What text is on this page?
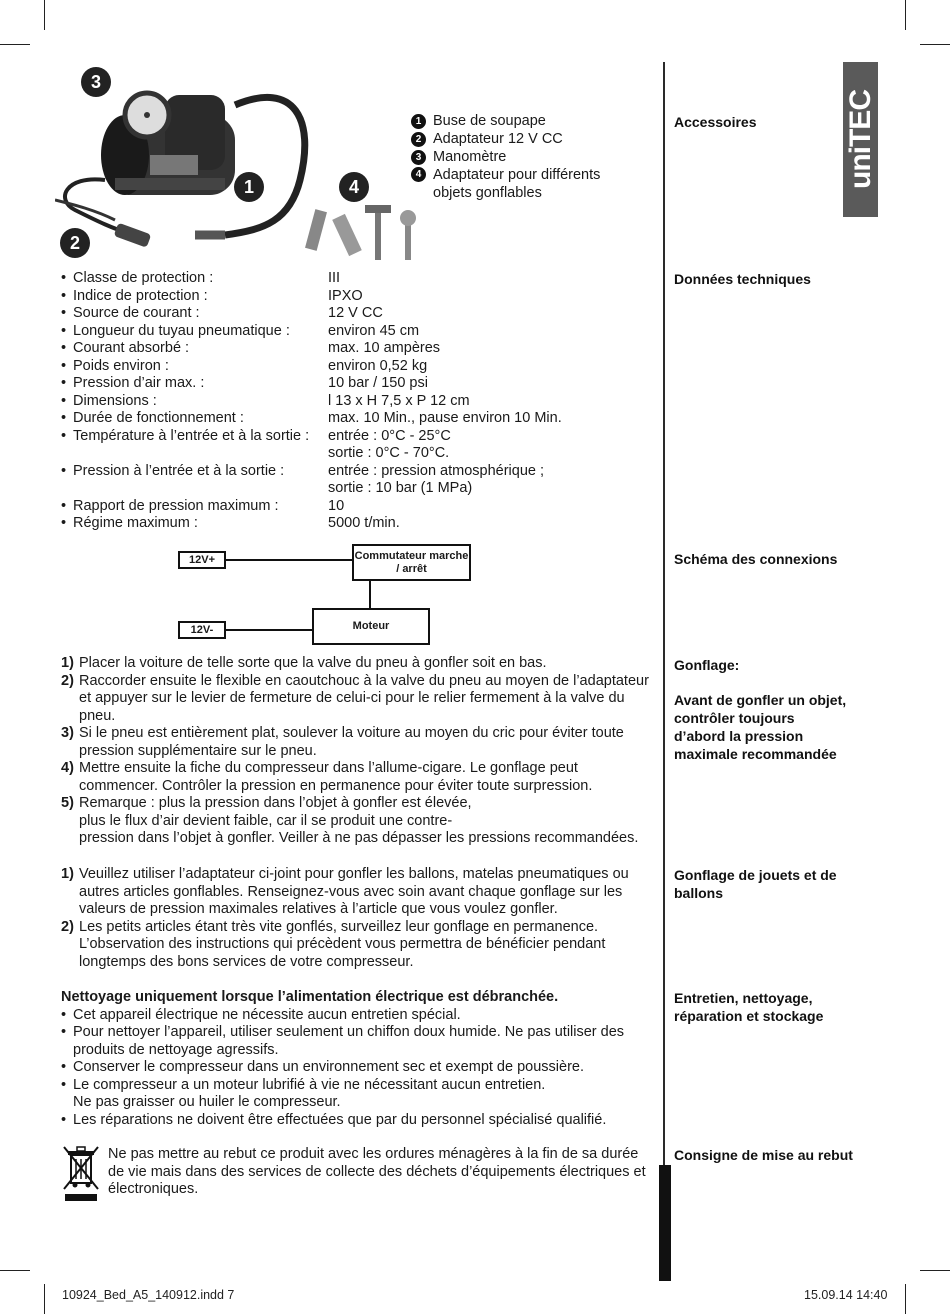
uniTEC
3
1	4
2
1 Buse de soupape
2 Adaptateur 12 V CC
3 Manomètre
4 Adaptateur pour différents objets gonflables
Accessoires
Données techniques
Schéma des connexions
Gonflage:
Avant de gonfler un objet, contrôler toujours d’abord la pression maximale recommandée
Gonflage de jouets et de ballons
Entretien, nettoyage, réparation et stockage
Consigne de mise au rebut
• Classe de protection :	III
• Indice de protection :	IPXO
• Source de courant :	12 V CC
• Longueur du tuyau pneumatique :	environ 45 cm
• Courant absorbé :	max. 10 ampères
• Poids environ :	environ 0,52 kg
• Pression d’air max. :	10 bar / 150 psi
• Dimensions :	l 13 x H 7,5 x P 12 cm
• Durée de fonctionnement :	max. 10 Min., pause environ 10 Min.
• Température à l’entrée et à la sortie :	entrée : 0°C - 25°C
sortie : 0°C - 70°C.
• Pression à l’entrée et à la sortie :	entrée : pression atmosphérique ;
sortie : 10 bar (1 MPa)
• Rapport de pression maximum :	10
• Régime maximum :	5000 t/min.
12V+
12V-
Commutateur marche / arrêt
Moteur
1) Placer la voiture de telle sorte que la valve du pneu à gonfler soit en bas.
2) Raccorder ensuite le flexible en caoutchouc à la valve du pneu au moyen de l’adaptateur et appuyer sur le levier de fermeture de celui-ci pour le relier fermement à la valve du pneu.
3) Si le pneu est entièrement plat, soulever la voiture au moyen du cric pour éviter toute pression supplémentaire sur le pneu.
4) Mettre ensuite la fiche du compresseur dans l’allume-cigare. Le gonflage peut commencer. Contrôler la pression en permanence pour éviter toute surpression.
5) Remarque : plus la pression dans l’objet à gonfler est élevée,
plus le flux d’air devient faible, car il se produit une contre-
pression dans l’objet à gonfler. Veiller à ne pas dépasser les pressions recommandées.
1) Veuillez utiliser l’adaptateur ci-joint pour gonfler les ballons, matelas pneumatiques ou autres articles gonflables. Renseignez-vous avec soin avant chaque gonflage sur les valeurs de pression maximales relatives à l’article que vous voulez gonfler.
2) Les petits articles étant très vite gonflés, surveillez leur gonflage en permanence. L’observation des instructions qui précèdent vous permettra de bénéficier pendant longtemps des bons services de votre compresseur.
Nettoyage uniquement lorsque l’alimentation électrique est débranchée.
• Cet appareil électrique ne nécessite aucun entretien spécial.
• Pour nettoyer l’appareil, utiliser seulement un chiffon doux humide. Ne pas utiliser des produits de nettoyage agressifs.
• Conserver le compresseur dans un environnement sec et exempt de poussière.
• Le compresseur a un moteur lubrifié à vie ne nécessitant aucun entretien.
Ne pas graisser ou huiler le compresseur.
• Les réparations ne doivent être effectuées que par du personnel spécialisé qualifié.
Ne pas mettre au rebut ce produit avec les ordures ménagères à la fin de sa durée de vie mais dans des services de collecte des déchets d’équipements électriques et électroniques.
10924_Bed_A5_140912.indd 7	15.09.14 14:40
